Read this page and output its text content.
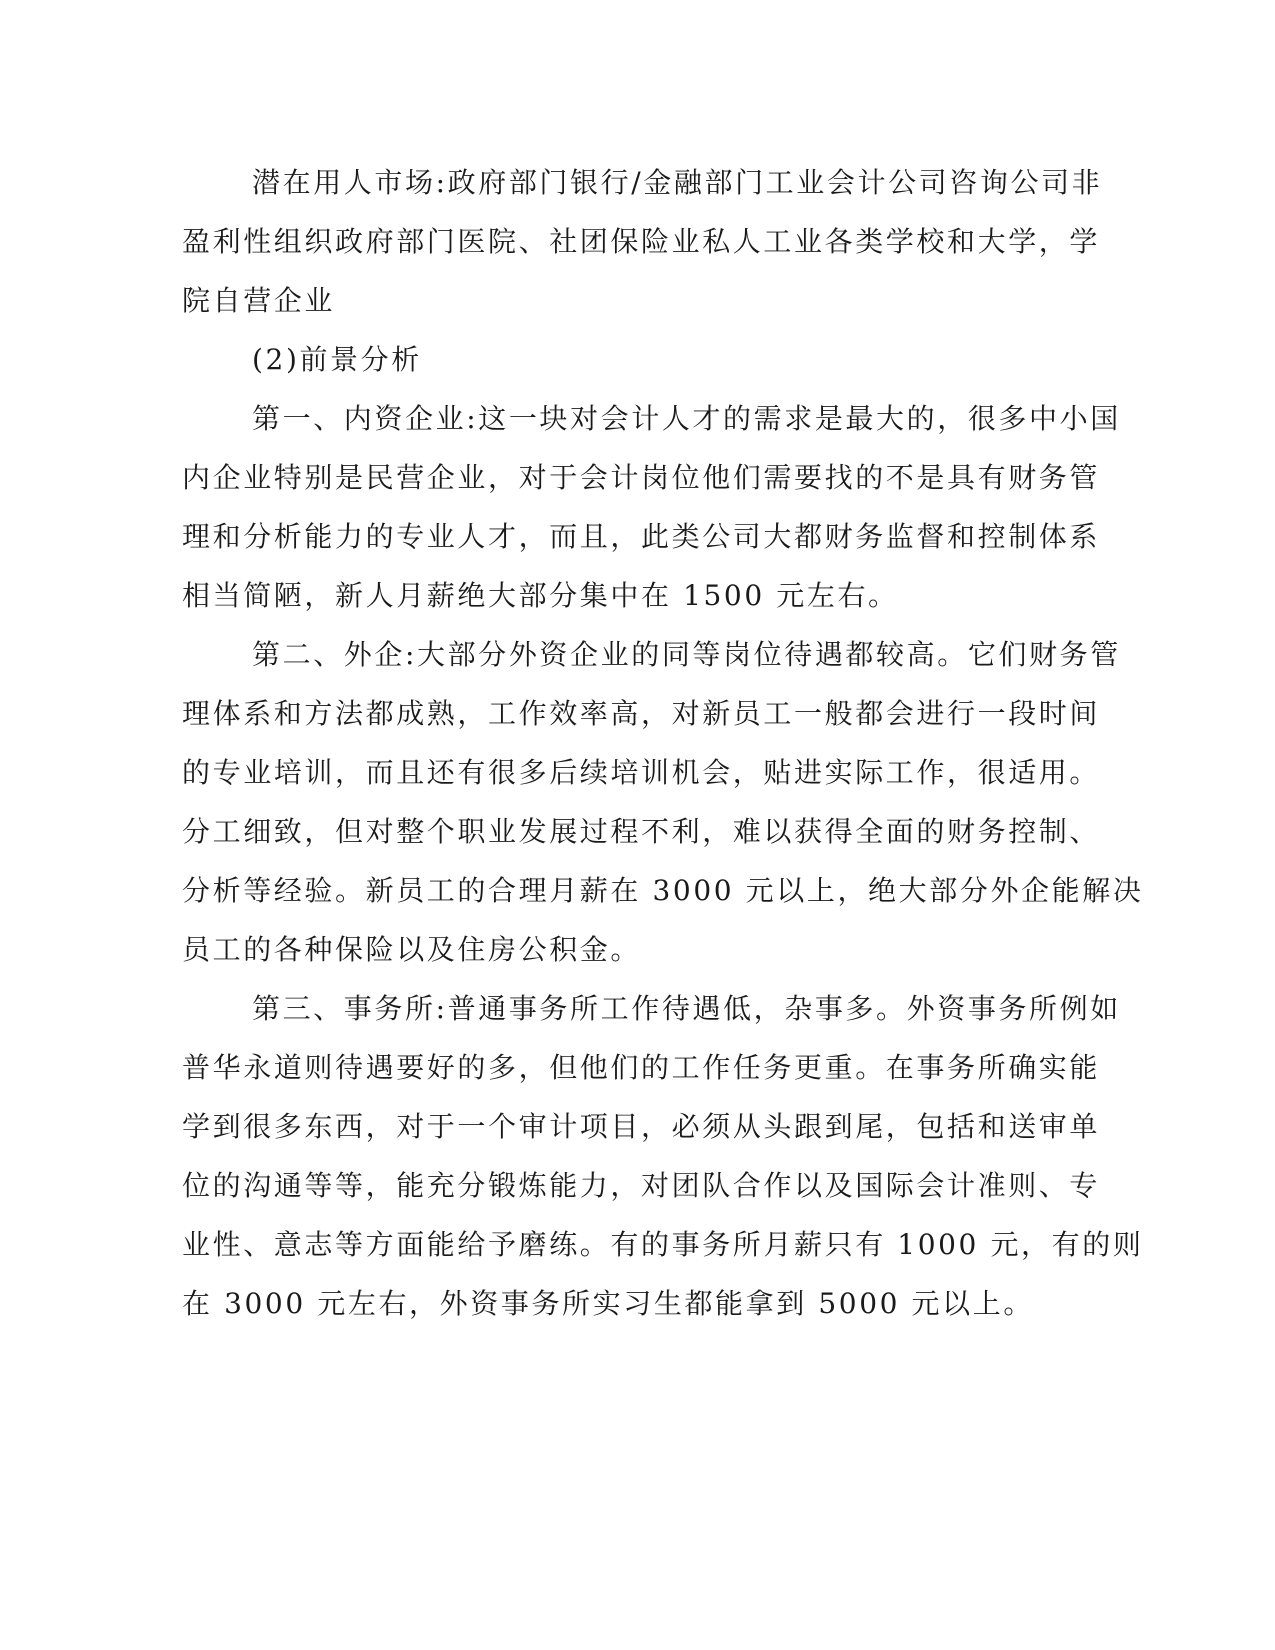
潜在用人市场:政府部门银行/金融部门工业会计公司咨询公司非
盈利性组织政府部门医院、社团保险业私人工业各类学校和大学，学
院自营企业
(2)前景分析
第一、内资企业:这一块对会计人才的需求是最大的，很多中小国
内企业特别是民营企业，对于会计岗位他们需要找的不是具有财务管
理和分析能力的专业人才，而且，此类公司大都财务监督和控制体系
相当简陋，新人月薪绝大部分集中在 1500 元左右。
第二、外企:大部分外资企业的同等岗位待遇都较高。它们财务管
理体系和方法都成熟，工作效率高，对新员工一般都会进行一段时间
的专业培训，而且还有很多后续培训机会，贴进实际工作，很适用。
分工细致，但对整个职业发展过程不利，难以获得全面的财务控制、
分析等经验。新员工的合理月薪在 3000 元以上，绝大部分外企能解决
员工的各种保险以及住房公积金。
第三、事务所:普通事务所工作待遇低，杂事多。外资事务所例如
普华永道则待遇要好的多，但他们的工作任务更重。在事务所确实能
学到很多东西，对于一个审计项目，必须从头跟到尾，包括和送审单
位的沟通等等，能充分锻炼能力，对团队合作以及国际会计准则、专
业性、意志等方面能给予磨练。有的事务所月薪只有 1000 元，有的则
在 3000 元左右，外资事务所实习生都能拿到 5000 元以上。
